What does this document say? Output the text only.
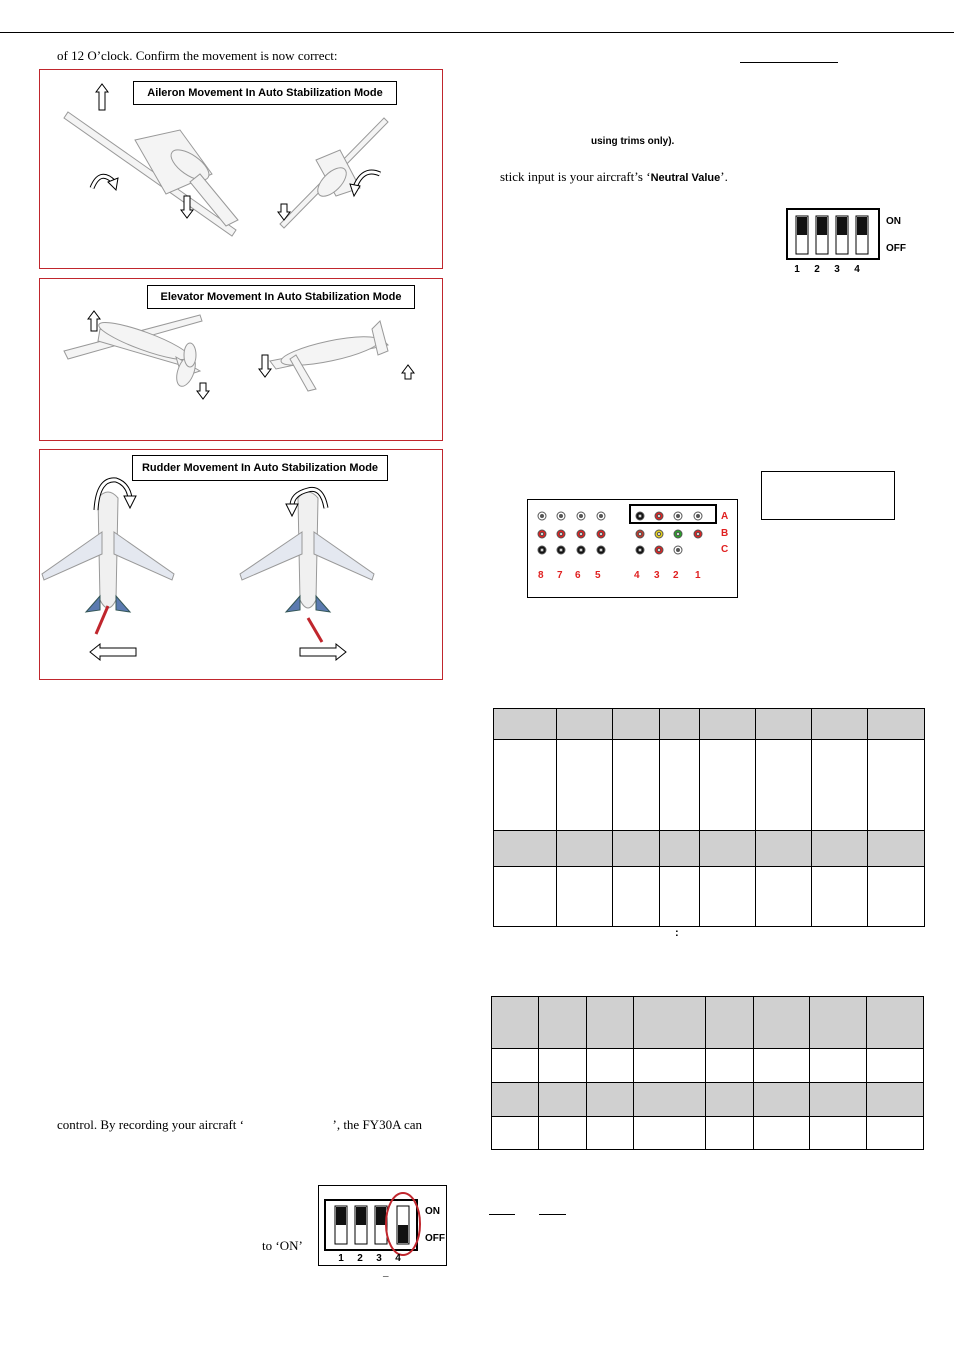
of 12 O’clock. Confirm the movement is now correct:
Aileron Movement In Auto Stabilization Mode
Elevator Movement In Auto Stabilization Mode
Rudder Movement In Auto Stabilization Mode
control. By recording your aircraft ‘	’, the FY30A can
to ‘ON’
ON
OFF
1	2	3	4
–
using trims only).
stick input is your aircraft’s ‘Neutral Value’.
ON
OFF
1	2	3	4
A
B
C
8 7 6 5	4 3 2 1

:
